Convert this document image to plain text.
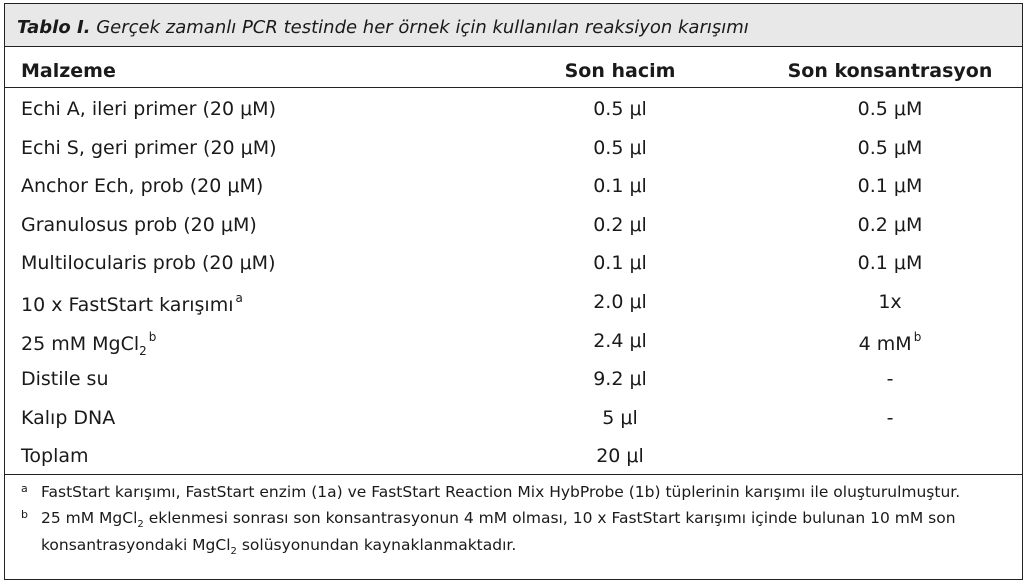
Tablo I. Gerçek zamanlı PCR testinde her örnek için kullanılan reaksiyon karışımı
Malzeme	Son hacim	Son konsantrasyon
Echi A, ileri primer (20 μM)	0.5 μl	0.5 μM
Echi S, geri primer (20 μM)	0.5 μl	0.5 μM
Anchor Ech, prob (20 μM)	0.1 μl	0.1 μM
Granulosus prob (20 μM)	0.2 μl	0.2 μM
Multilocularis prob (20 μM)	0.1 μl	0.1 μM
10 x FastStart karışımı $^a$	2.0 μl	1x
25 mM MgCl$_2^b$	2.4 μl	4 mM $^b$
Distile su	9.2 μl	-
Kalıp DNA	5 μl	-
Toplam	20 μl
a FastStart karışımı, FastStart enzim (1a) ve FastStart Reaction Mix HybProbe (1b) tüplerinin karışımı ile oluşturulmuştur.
b 25 mM MgCl$_2$ eklenmesi sonrası son konsantrasyonun 4 mM olması, 10 x FastStart karışımı içinde bulunan 10 mM son konsantrasyondaki MgCl$_2$ solüsyonundan kaynaklanmaktadır.
